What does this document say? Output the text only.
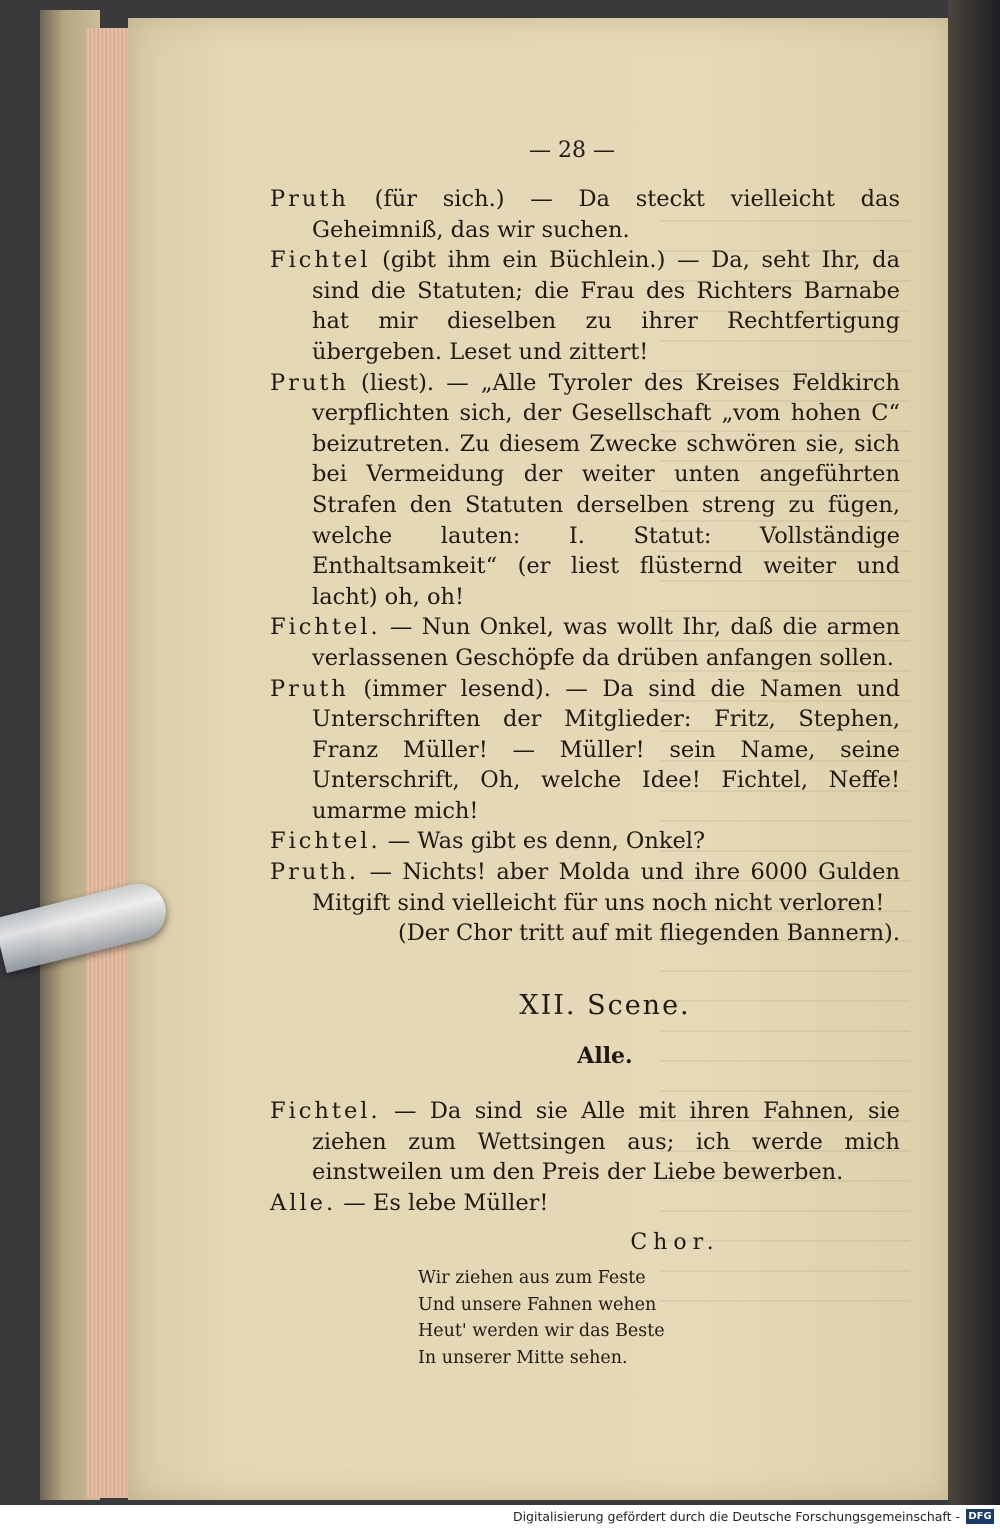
— 28 —

Pruth (für sich.) — Da steckt vielleicht das Geheimniß, das wir suchen.

Fichtel (gibt ihm ein Büchlein.) — Da, seht Ihr, da sind die Statuten; die Frau des Richters Barnabe hat mir dieselben zu ihrer Rechtfertigung übergeben. Leset und zittert!

Pruth (liest). — „Alle Tyroler des Kreises Feldkirch verpflichten sich, der Gesellschaft „vom hohen C“ beizutreten. Zu diesem Zwecke schwören sie, sich bei Vermeidung der weiter unten angeführten Strafen den Statuten derselben streng zu fügen, welche lauten: I. Statut: Vollständige Enthaltsamkeit“ (er liest flüsternd weiter und lacht) oh, oh!

Fichtel. — Nun Onkel, was wollt Ihr, daß die armen verlassenen Geschöpfe da drüben anfangen sollen.

Pruth (immer lesend). — Da sind die Namen und Unterschriften der Mitglieder: Fritz, Stephen, Franz Müller! — Müller! sein Name, seine Unterschrift, Oh, welche Idee! Fichtel, Neffe! umarme mich!

Fichtel. — Was gibt es denn, Onkel?

Pruth. — Nichts! aber Molda und ihre 6000 Gulden Mitgift sind vielleicht für uns noch nicht verloren!

(Der Chor tritt auf mit fliegenden Bannern).

XII. Scene.

Alle.

Fichtel. — Da sind sie Alle mit ihren Fahnen, sie ziehen zum Wettsingen aus; ich werde mich einstweilen um den Preis der Liebe bewerben.

Alle. — Es lebe Müller!

Chor.

Wir ziehen aus zum Feste
Und unsere Fahnen wehen
Heut' werden wir das Beste
In unserer Mitte sehen.
Digitalisierung gefördert durch die Deutsche Forschungsgemeinschaft - DFG
